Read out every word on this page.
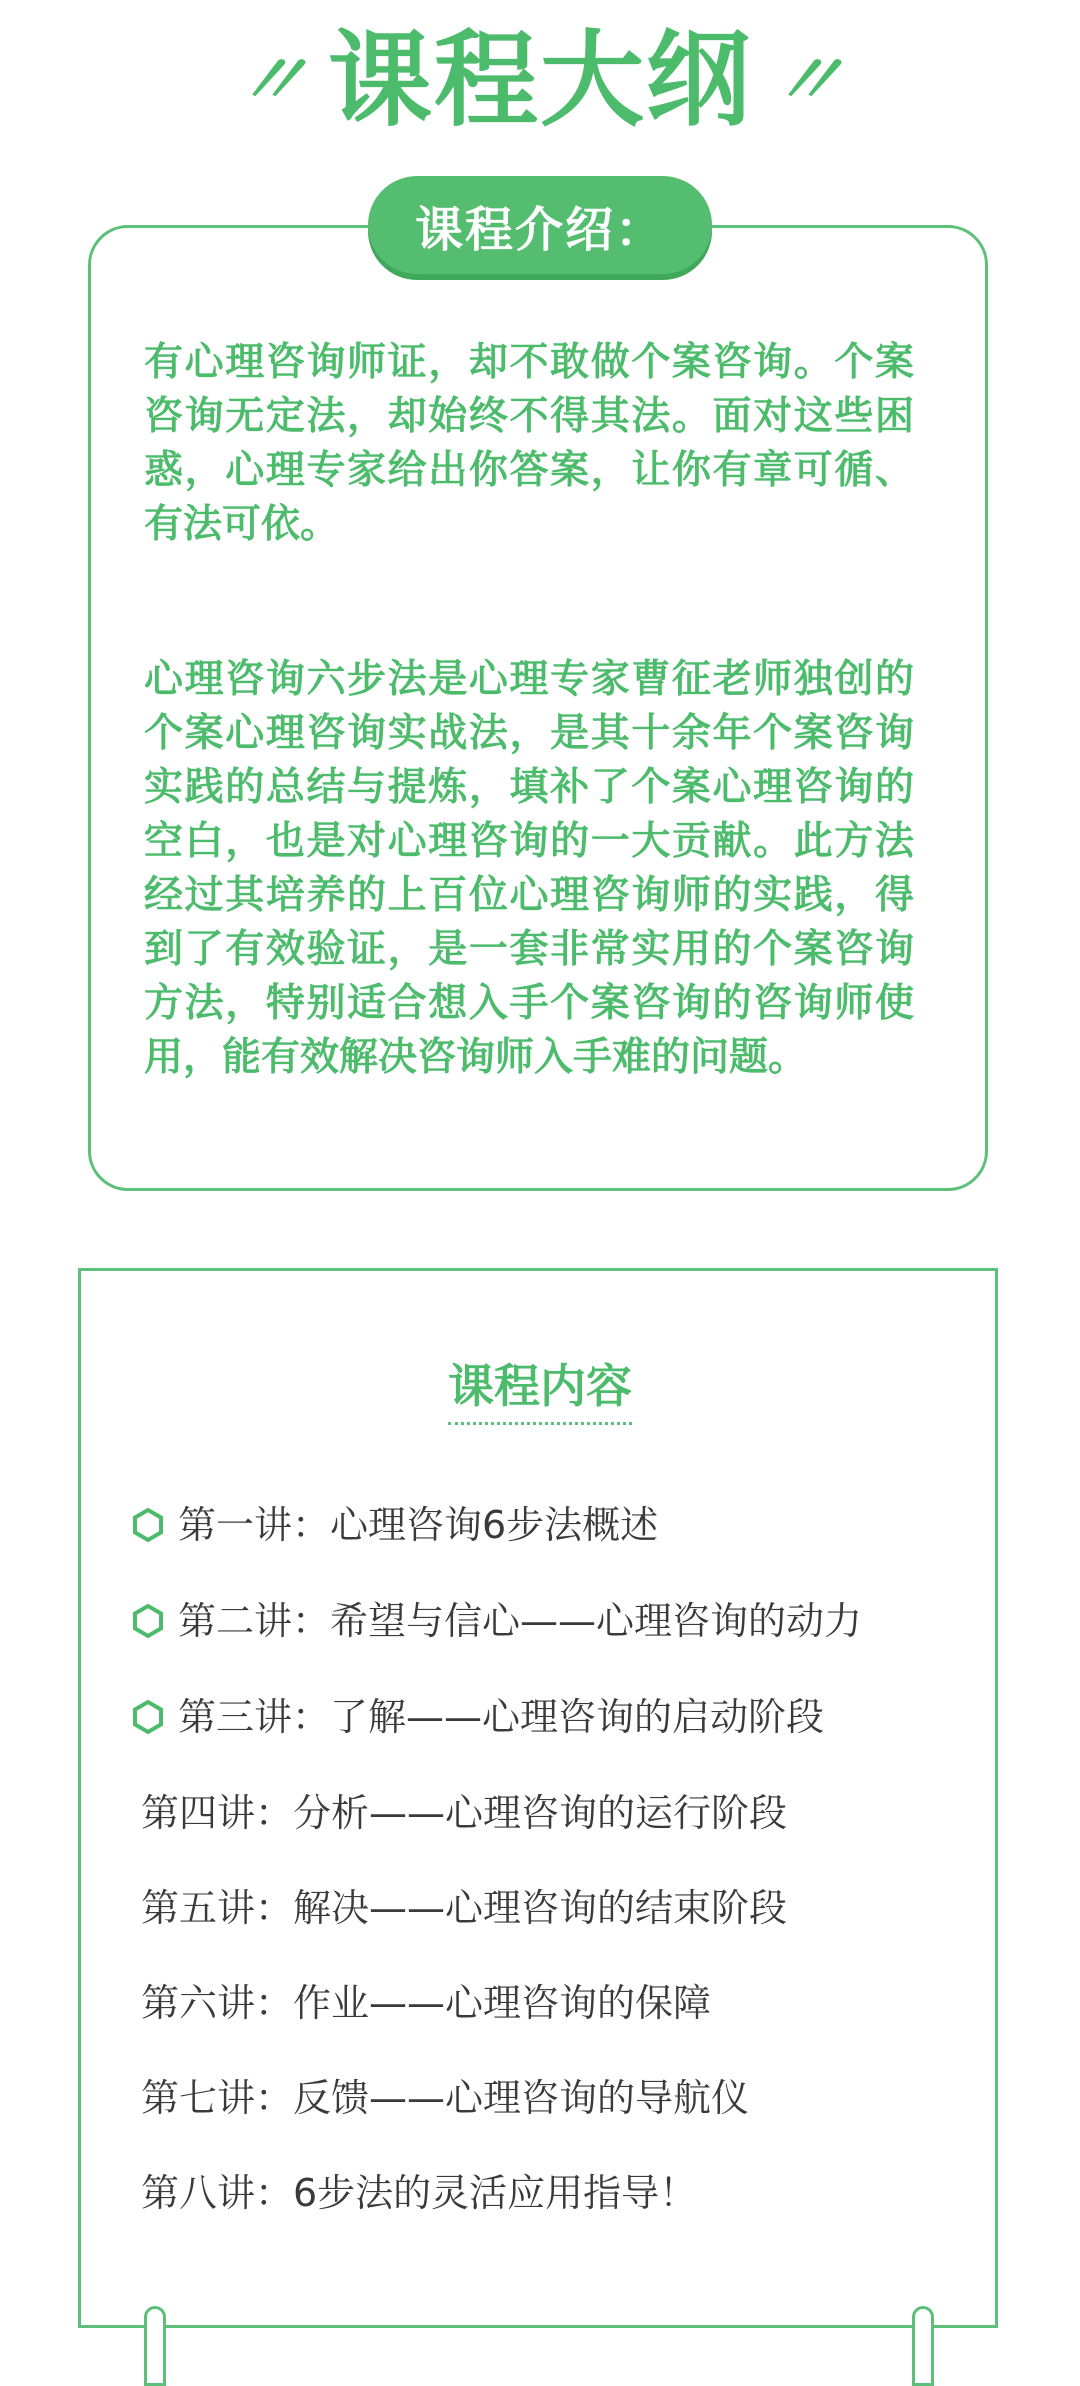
〃 课程大纲 〃
课程介绍：

有心理咨询师证，却不敢做个案咨询。个案咨询无定法，却始终不得其法。面对这些困惑，心理专家给出你答案，让你有章可循、有法可依。

心理咨询六步法是心理专家曹征老师独创的个案心理咨询实战法，是其十余年个案咨询实践的总结与提炼，填补了个案心理咨询的空白，也是对心理咨询的一大贡献。此方法经过其培养的上百位心理咨询师的实践，得到了有效验证，是一套非常实用的个案咨询方法，特别适合想入手个案咨询的咨询师使用，能有效解决咨询师入手难的问题。

课程内容
第一讲：心理咨询6步法概述
第二讲：希望与信心——心理咨询的动力
第三讲：了解——心理咨询的启动阶段
第四讲：分析——心理咨询的运行阶段
第五讲：解决——心理咨询的结束阶段
第六讲：作业——心理咨询的保障
第七讲：反馈——心理咨询的导航仪
第八讲：6步法的灵活应用指导！
